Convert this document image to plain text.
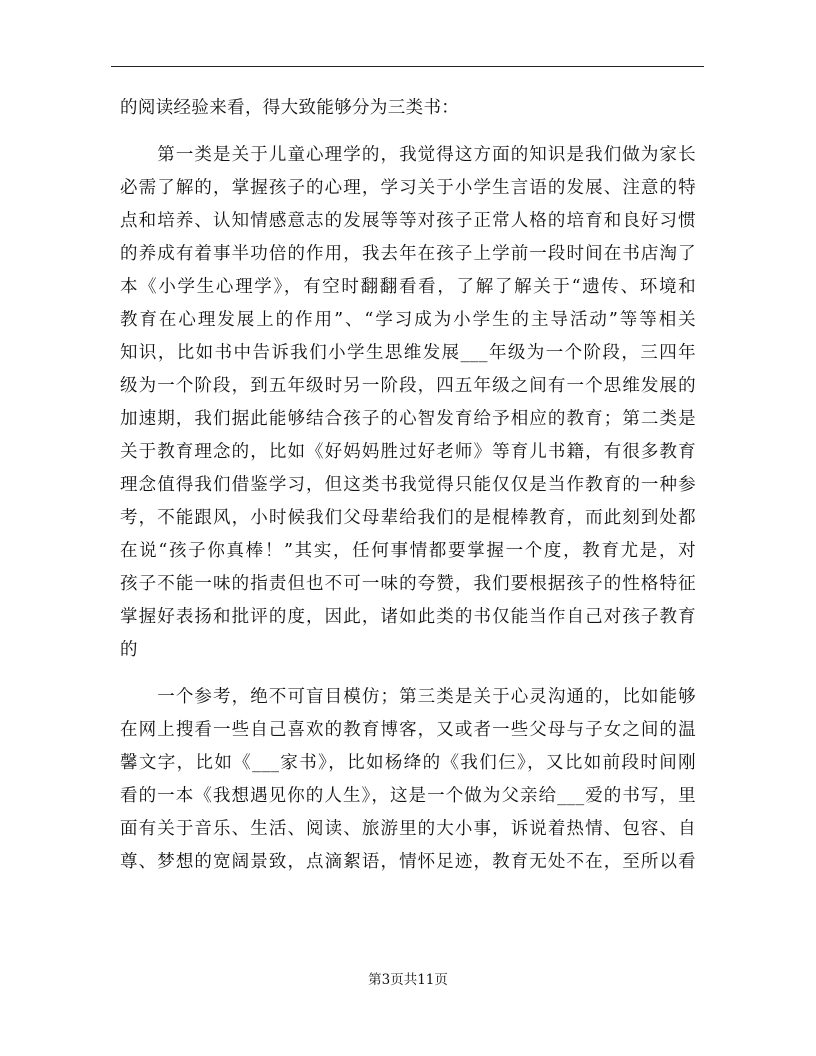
的阅读经验来看，得大致能够分为三类书：
　　第一类是关于儿童心理学的，我觉得这方面的知识是我们做为家长
必需了解的，掌握孩子的心理，学习关于小学生言语的发展、注意的特
点和培养、认知情感意志的发展等等对孩子正常人格的培育和良好习惯
的养成有着事半功倍的作用，我去年在孩子上学前一段时间在书店淘了
本《小学生心理学》，有空时翻翻看看，了解了解关于“遗传、环境和
教育在心理发展上的作用”、“学习成为小学生的主导活动”等等相关
知识，比如书中告诉我们小学生思维发展___年级为一个阶段，三四年
级为一个阶段，到五年级时另一阶段，四五年级之间有一个思维发展的
加速期，我们据此能够结合孩子的心智发育给予相应的教育；第二类是
关于教育理念的，比如《好妈妈胜过好老师》等育儿书籍，有很多教育
理念值得我们借鉴学习，但这类书我觉得只能仅仅是当作教育的一种参
考，不能跟风，小时候我们父母辈给我们的是棍棒教育，而此刻到处都
在说“孩子你真棒！”其实，任何事情都要掌握一个度，教育尤是，对
孩子不能一味的指责但也不可一味的夸赞，我们要根据孩子的性格特征
掌握好表扬和批评的度，因此，诸如此类的书仅能当作自己对孩子教育
的
　　一个参考，绝不可盲目模仿；第三类是关于心灵沟通的，比如能够
在网上搜看一些自己喜欢的教育博客，又或者一些父母与子女之间的温
馨文字，比如《___家书》，比如杨绛的《我们仨》，又比如前段时间刚
看的一本《我想遇见你的人生》，这是一个做为父亲给___爱的书写，里
面有关于音乐、生活、阅读、旅游里的大小事，诉说着热情、包容、自
尊、梦想的宽阔景致，点滴絮语，情怀足迹，教育无处不在，至所以看
第3页共11页
